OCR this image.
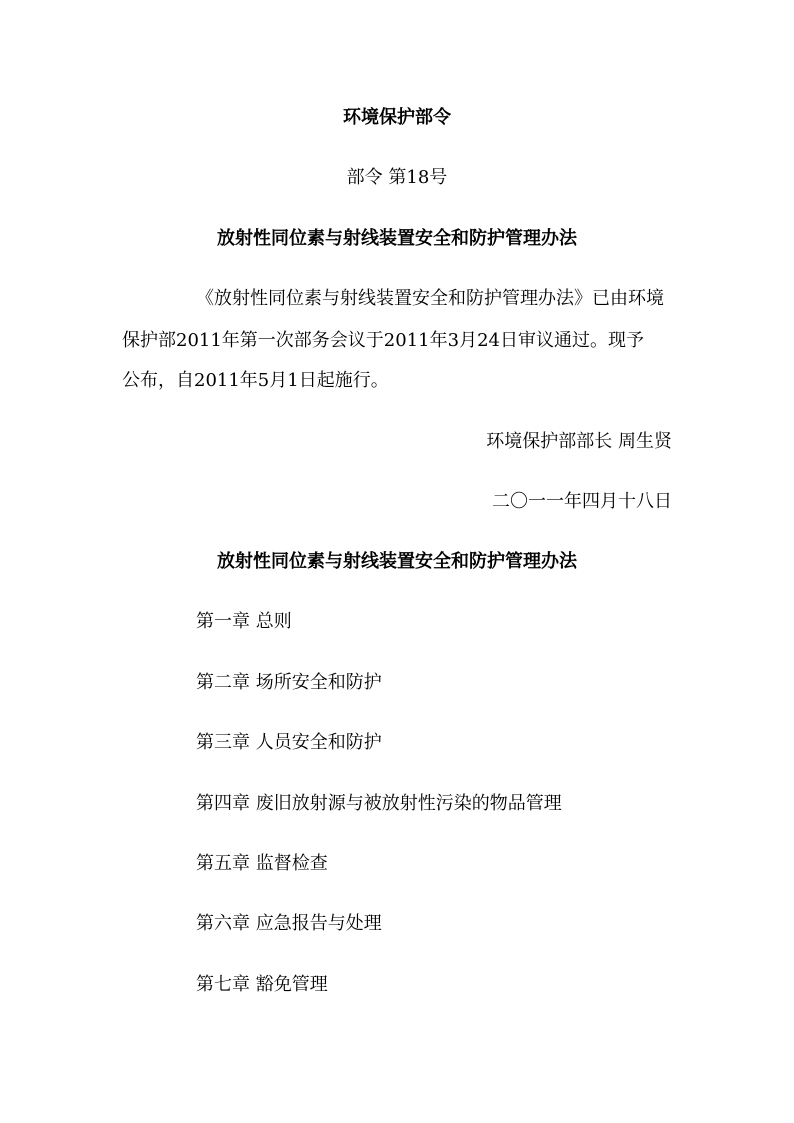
环境保护部令
部令 第18号
放射性同位素与射线装置安全和防护管理办法
《放射性同位素与射线装置安全和防护管理办法》已由环境
保护部2011年第一次部务会议于2011年3月24日审议通过。现予
公布，自2011年5月1日起施行。
环境保护部部长 周生贤
二〇一一年四月十八日
放射性同位素与射线装置安全和防护管理办法
第一章 总则
第二章 场所安全和防护
第三章 人员安全和防护
第四章 废旧放射源与被放射性污染的物品管理
第五章 监督检查
第六章 应急报告与处理
第七章 豁免管理
